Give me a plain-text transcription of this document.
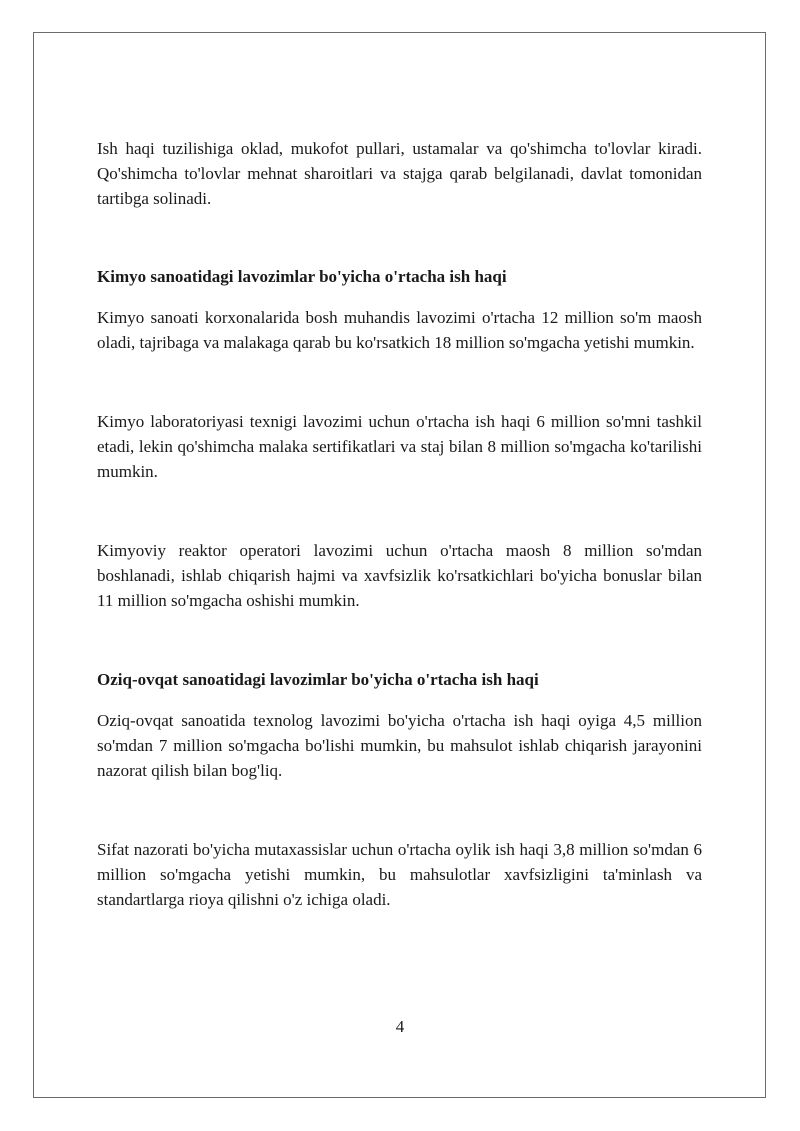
Ish haqi tuzilishiga oklad, mukofot pullari, ustamalar va qo'shimcha to'lovlar kiradi. Qo'shimcha to'lovlar mehnat sharoitlari va stajga qarab belgilanadi, davlat tomonidan tartibga solinadi.

Kimyo sanoatidagi lavozimlar bo'yicha o'rtacha ish haqi

Kimyo sanoati korxonalarida bosh muhandis lavozimi o'rtacha 12 million so'm maosh oladi, tajribaga va malakaga qarab bu ko'rsatkich 18 million so'mgacha yetishi mumkin.

Kimyo laboratoriyasi texnigi lavozimi uchun o'rtacha ish haqi 6 million so'mni tashkil etadi, lekin qo'shimcha malaka sertifikatlari va staj bilan 8 million so'mgacha ko'tarilishi mumkin.

Kimyoviy reaktor operatori lavozimi uchun o'rtacha maosh 8 million so'mdan boshlanadi, ishlab chiqarish hajmi va xavfsizlik ko'rsatkichlari bo'yicha bonuslar bilan 11 million so'mgacha oshishi mumkin.

Oziq-ovqat sanoatidagi lavozimlar bo'yicha o'rtacha ish haqi

Oziq-ovqat sanoatida texnolog lavozimi bo'yicha o'rtacha ish haqi oyiga 4,5 million so'mdan 7 million so'mgacha bo'lishi mumkin, bu mahsulot ishlab chiqarish jarayonini nazorat qilish bilan bog'liq.

Sifat nazorati bo'yicha mutaxassislar uchun o'rtacha oylik ish haqi 3,8 million so'mdan 6 million so'mgacha yetishi mumkin, bu mahsulotlar xavfsizligini ta'minlash va standartlarga rioya qilishni o'z ichiga oladi.

4
